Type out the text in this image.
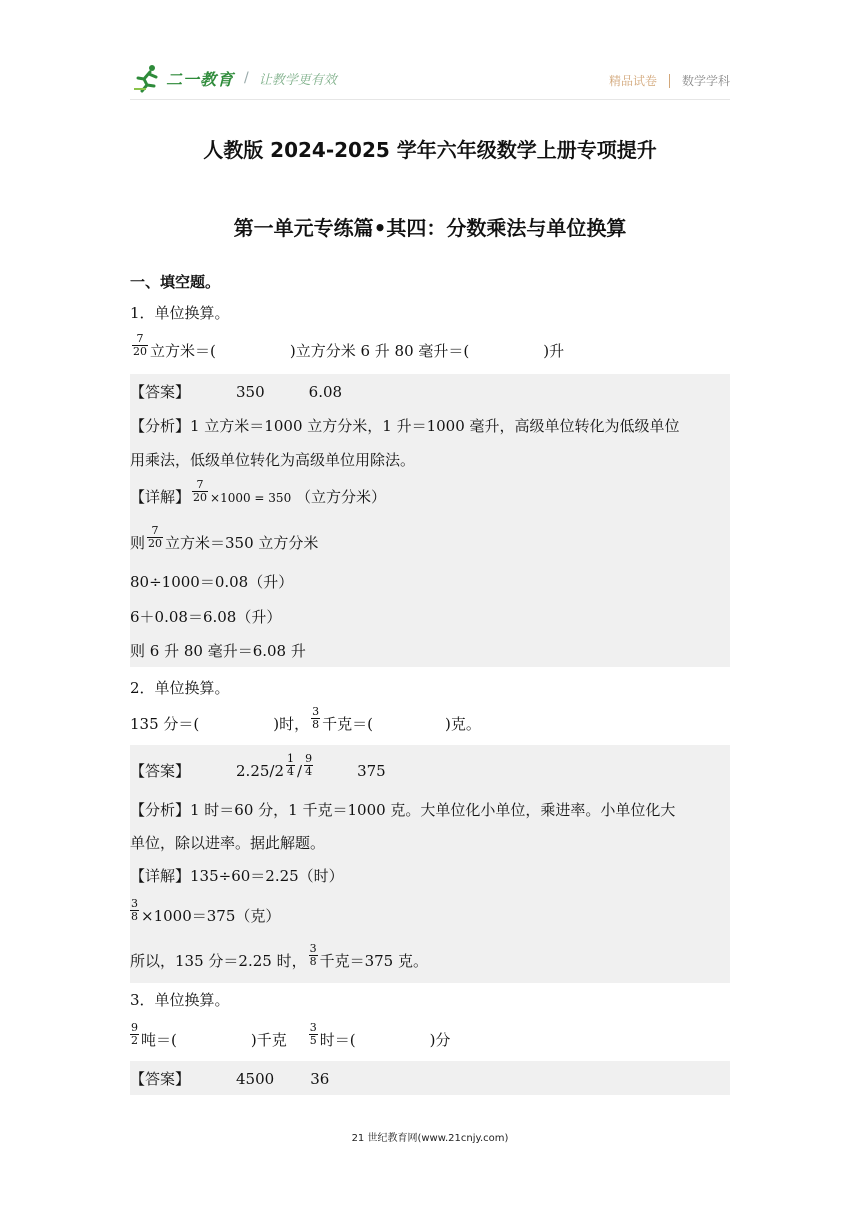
二一教育 / 让教学更有效	精品试卷 数学学科
人教版 2024-2025 学年六年级数学上册专项提升
第一单元专练篇•其四：分数乘法与单位换算
一、填空题。
1．单位换算。
$\frac{7}{20}$ 立方米＝(	)立方分米 6 升 80 毫升＝(	)升
【答案】	350	6.08
【分析】1 立方米＝1000 立方分米，1 升＝1000 毫升，高级单位转化为低级单位
用乘法，低级单位转化为高级单位用除法。
【详解】 $\frac{7}{20} \times 1000 = 350$ （立方分米）
则 $\frac{7}{20}$ 立方米＝350 立方分米
80÷1000＝0.08（升）
6＋0.08＝6.08（升）
则 6 升 80 毫升＝6.08 升
2．单位换算。
135 分＝(	)时， $\frac{3}{8}$ 千克＝(	)克。
【答案】	$2.25/2 \frac{1}{4} / \frac{9}{4}$	375
【分析】1 时＝60 分，1 千克＝1000 克。大单位化小单位，乘进率。小单位化大
单位，除以进率。据此解题。
【详解】135÷60＝2.25（时）
$\frac{3}{8} \times 1000=375$（克）
所以，135 分＝2.25 时， $\frac{3}{8}$ 千克＝375 克。
3．单位换算。
$\frac{9}{2}$ 吨＝(	)千克 $\frac{3}{5}$ 时＝(	)分
【答案】	4500 36
21 世纪教育网(www.21cnjy.com)
